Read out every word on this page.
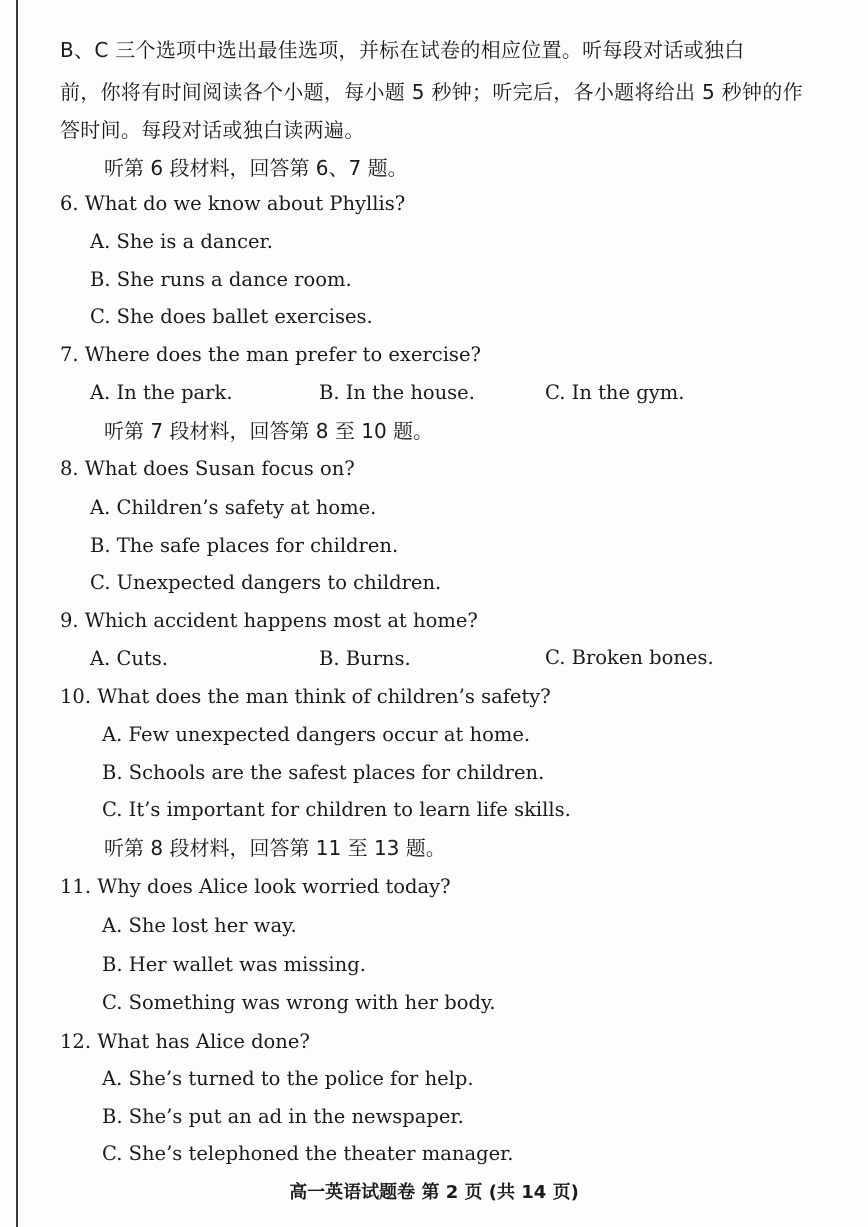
B、C 三个选项中选出最佳选项，并标在试卷的相应位置。听每段对话或独白
前，你将有时间阅读各个小题，每小题 5 秒钟；听完后，各小题将给出 5 秒钟的作
答时间。每段对话或独白读两遍。
听第 6 段材料，回答第 6、7 题。
6. What do we know about Phyllis?
A. She is a dancer.
B. She runs a dance room.
C. She does ballet exercises.
7. Where does the man prefer to exercise?
A. In the park.	B. In the house.	C. In the gym.
听第 7 段材料，回答第 8 至 10 题。
8. What does Susan focus on?
A. Children’s safety at home.
B. The safe places for children.
C. Unexpected dangers to children.
9. Which accident happens most at home?
A. Cuts.	B. Burns.	C. Broken bones.
10. What does the man think of children’s safety?
A. Few unexpected dangers occur at home.
B. Schools are the safest places for children.
C. It’s important for children to learn life skills.
听第 8 段材料，回答第 11 至 13 题。
11. Why does Alice look worried today?
A. She lost her way.
B. Her wallet was missing.
C. Something was wrong with her body.
12. What has Alice done?
A. She’s turned to the police for help.
B. She’s put an ad in the newspaper.
C. She’s telephoned the theater manager.
高一英语试题卷 第 2 页 (共 14 页)
